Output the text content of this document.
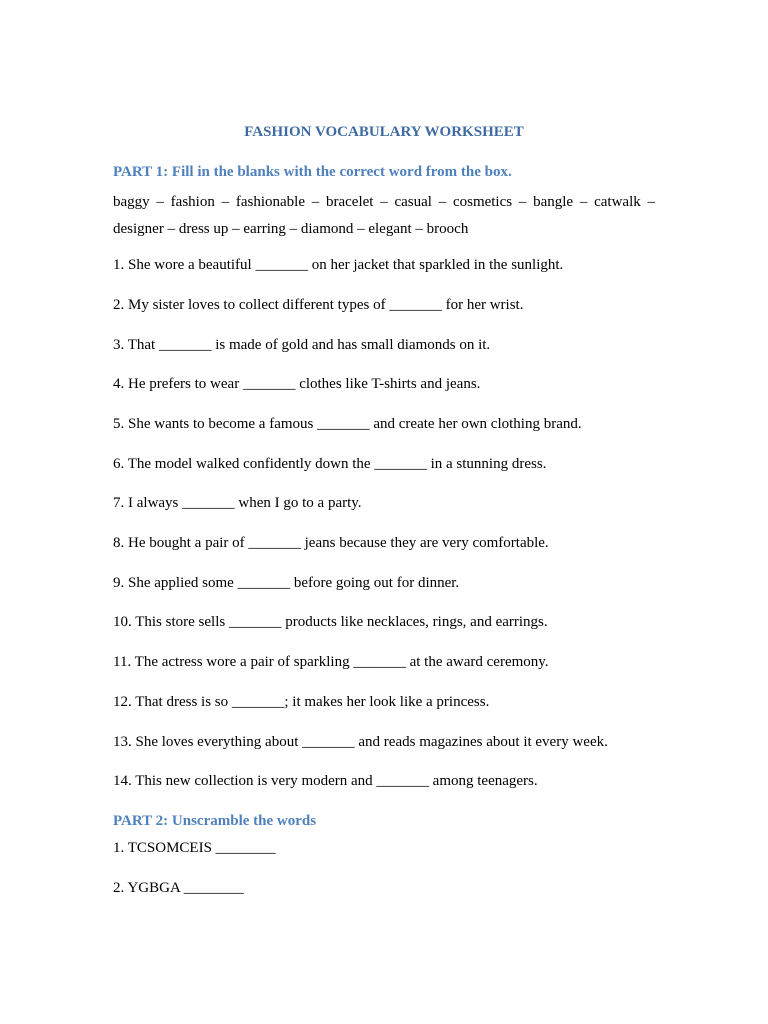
FASHION VOCABULARY WORKSHEET
PART 1: Fill in the blanks with the correct word from the box.
baggy – fashion – fashionable – bracelet – casual – cosmetics – bangle – catwalk – designer – dress up – earring – diamond – elegant – brooch
1. She wore a beautiful _______ on her jacket that sparkled in the sunlight.
2. My sister loves to collect different types of _______ for her wrist.
3. That _______ is made of gold and has small diamonds on it.
4. He prefers to wear _______ clothes like T-shirts and jeans.
5. She wants to become a famous _______ and create her own clothing brand.
6. The model walked confidently down the _______ in a stunning dress.
7. I always _______ when I go to a party.
8. He bought a pair of _______ jeans because they are very comfortable.
9. She applied some _______ before going out for dinner.
10. This store sells _______ products like necklaces, rings, and earrings.
11. The actress wore a pair of sparkling _______ at the award ceremony.
12. That dress is so _______; it makes her look like a princess.
13. She loves everything about _______ and reads magazines about it every week.
14. This new collection is very modern and _______ among teenagers.
PART 2: Unscramble the words
1. TCSOMCEIS ________
2. YGBGA ________
